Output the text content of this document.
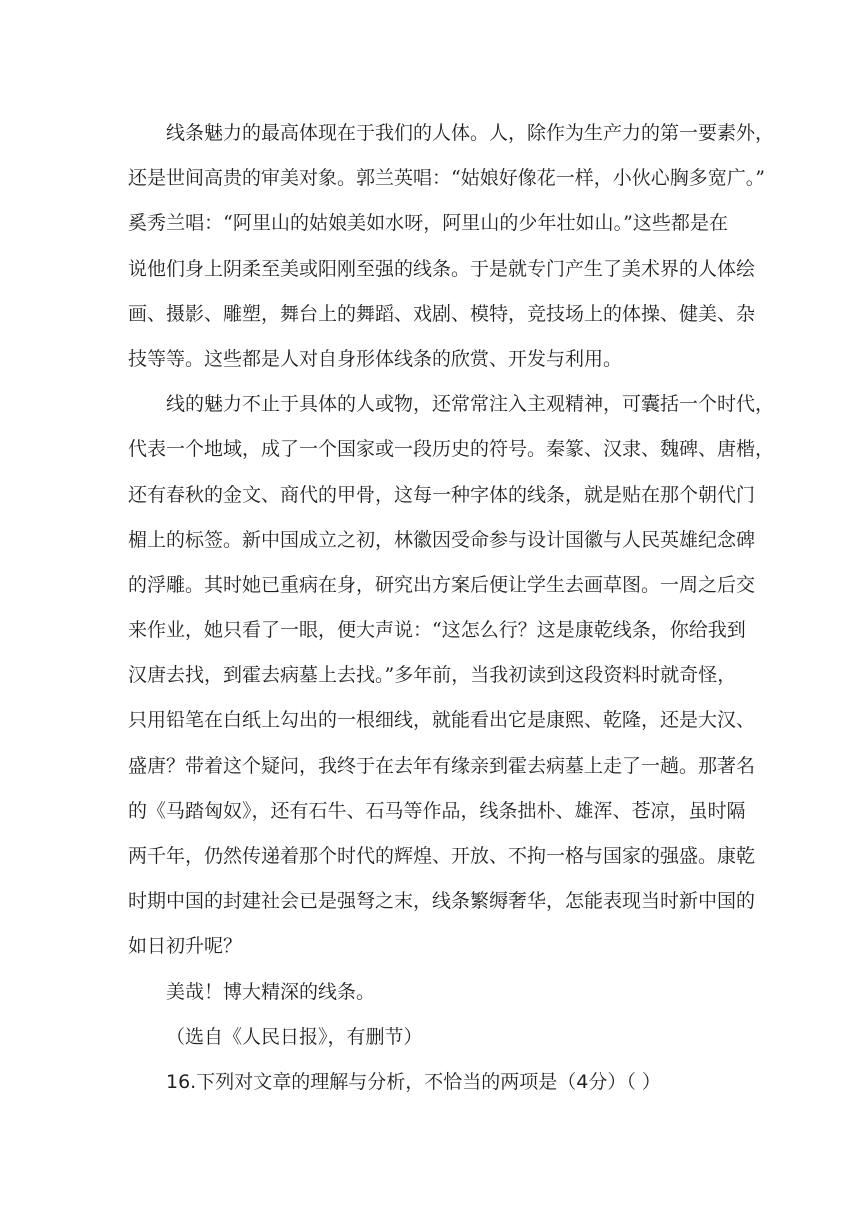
线条魅力的最高体现在于我们的人体。人，除作为生产力的第一要素外，
还是世间高贵的审美对象。郭兰英唱：“姑娘好像花一样，小伙心胸多宽广。”
奚秀兰唱：“阿里山的姑娘美如水呀，阿里山的少年壮如山。”这些都是在
说他们身上阴柔至美或阳刚至强的线条。于是就专门产生了美术界的人体绘
画、摄影、雕塑，舞台上的舞蹈、戏剧、模特，竞技场上的体操、健美、杂
技等等。这些都是人对自身形体线条的欣赏、开发与利用。
线的魅力不止于具体的人或物，还常常注入主观精神，可囊括一个时代，
代表一个地域，成了一个国家或一段历史的符号。秦篆、汉隶、魏碑、唐楷，
还有春秋的金文、商代的甲骨，这每一种字体的线条，就是贴在那个朝代门
楣上的标签。新中国成立之初，林徽因受命参与设计国徽与人民英雄纪念碑
的浮雕。其时她已重病在身，研究出方案后便让学生去画草图。一周之后交
来作业，她只看了一眼，便大声说：“这怎么行？这是康乾线条，你给我到
汉唐去找，到霍去病墓上去找。”多年前，当我初读到这段资料时就奇怪，
只用铅笔在白纸上勾出的一根细线，就能看出它是康熙、乾隆，还是大汉、
盛唐？带着这个疑问，我终于在去年有缘亲到霍去病墓上走了一趟。那著名
的《马踏匈奴》，还有石牛、石马等作品，线条拙朴、雄浑、苍凉，虽时隔
两千年，仍然传递着那个时代的辉煌、开放、不拘一格与国家的强盛。康乾
时期中国的封建社会已是强弩之末，线条繁缛奢华，怎能表现当时新中国的
如日初升呢？
美哉！博大精深的线条。
（选自《人民日报》，有删节）
16.下列对文章的理解与分析，不恰当的两项是（4分）（ ）
